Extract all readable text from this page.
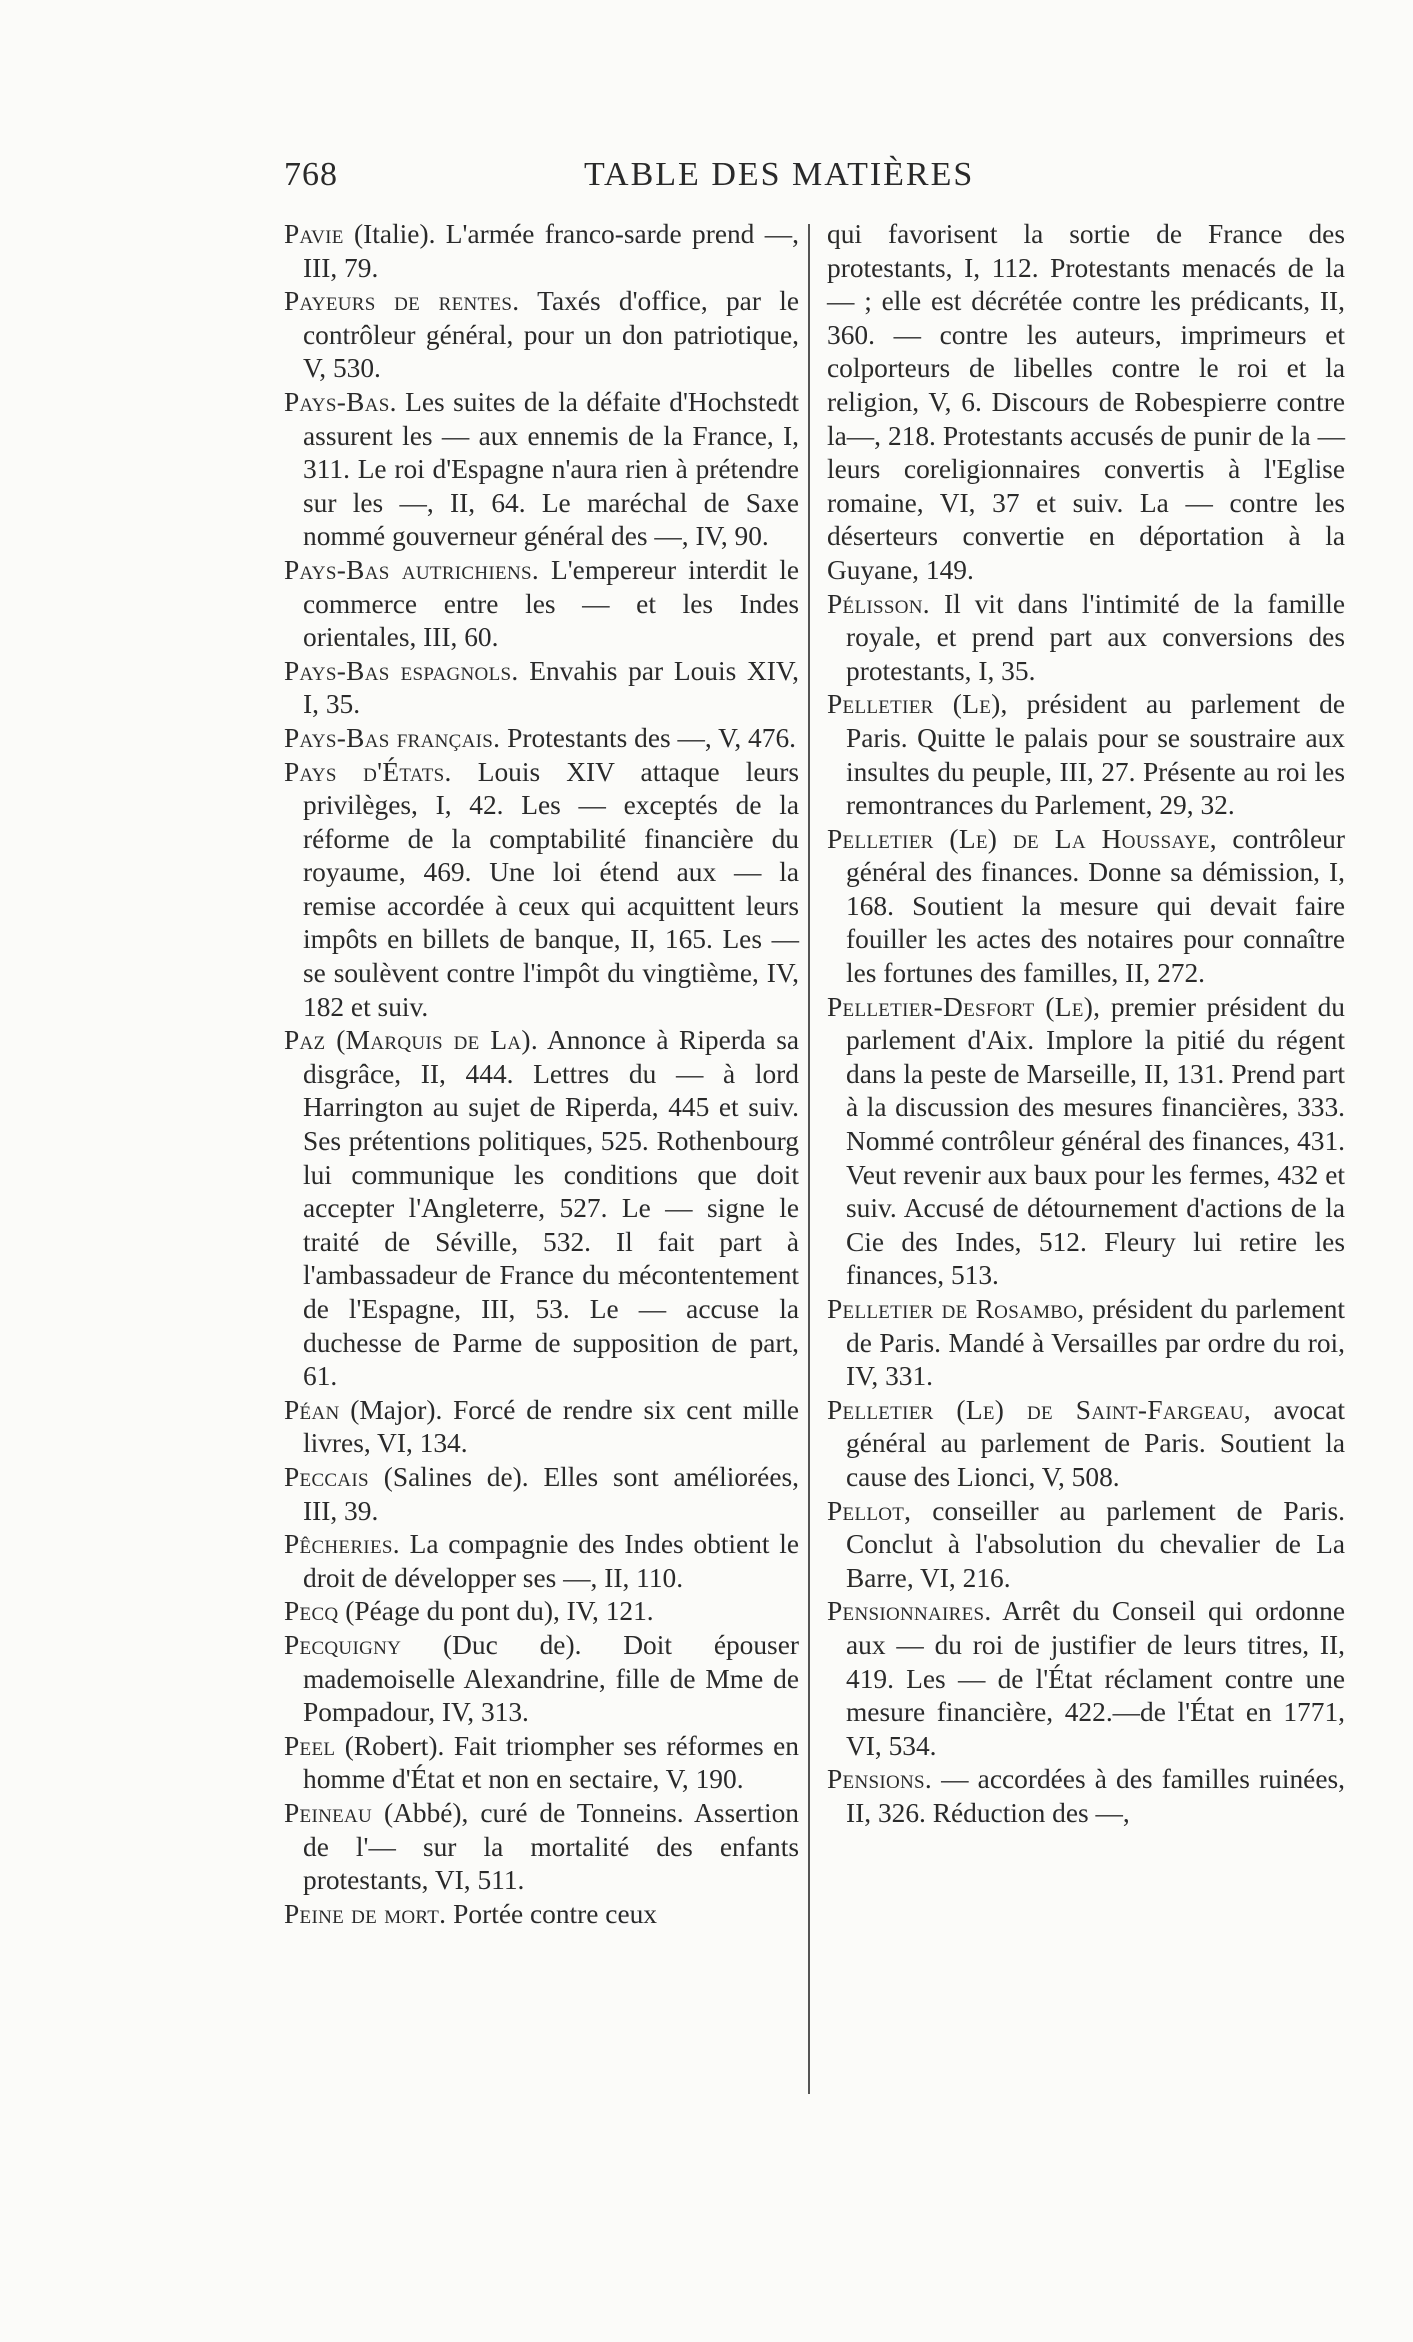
768	TABLE DES MATIÈRES

Pavie (Italie). L'armée franco-sarde prend —, III, 79.

Payeurs de rentes. Taxés d'office, par le contrôleur général, pour un don patriotique, V, 530.

Pays-Bas. Les suites de la défaite d'Hochstedt assurent les — aux ennemis de la France, I, 311. Le roi d'Espagne n'aura rien à prétendre sur les —, II, 64. Le maréchal de Saxe nommé gouverneur général des —, IV, 90.

Pays-Bas autrichiens. L'empereur interdit le commerce entre les — et les Indes orientales, III, 60.

Pays-Bas espagnols. Envahis par Louis XIV, I, 35.

Pays-Bas français. Protestants des —, V, 476.

Pays d'États. Louis XIV attaque leurs privilèges, I, 42. Les — exceptés de la réforme de la comptabilité financière du royaume, 469. Une loi étend aux — la remise accordée à ceux qui acquittent leurs impôts en billets de banque, II, 165. Les — se soulèvent contre l'impôt du vingtième, IV, 182 et suiv.

Paz (Marquis de La). Annonce à Riperda sa disgrâce, II, 444. Lettres du — à lord Harrington au sujet de Riperda, 445 et suiv. Ses prétentions politiques, 525. Rothenbourg lui communique les conditions que doit accepter l'Angleterre, 527. Le — signe le traité de Séville, 532. Il fait part à l'ambassadeur de France du mécontentement de l'Espagne, III, 53. Le — accuse la duchesse de Parme de supposition de part, 61.

Péan (Major). Forcé de rendre six cent mille livres, VI, 134.

Peccais (Salines de). Elles sont améliorées, III, 39.

Pêcheries. La compagnie des Indes obtient le droit de développer ses —, II, 110.

Pecq (Péage du pont du), IV, 121.

Pecquigny (Duc de). Doit épouser mademoiselle Alexandrine, fille de Mme de Pompadour, IV, 313.

Peel (Robert). Fait triompher ses réformes en homme d'État et non en sectaire, V, 190.

Peineau (Abbé), curé de Tonneins. Assertion de l'— sur la mortalité des enfants protestants, VI, 511.

Peine de mort. Portée contre ceux

qui favorisent la sortie de France des protestants, I, 112. Protestants menacés de la — ; elle est décrétée contre les prédicants, II, 360. — contre les auteurs, imprimeurs et colporteurs de libelles contre le roi et la religion, V, 6. Discours de Robespierre contre la—, 218. Protestants accusés de punir de la — leurs coreligionnaires convertis à l'Eglise romaine, VI, 37 et suiv. La — contre les déserteurs convertie en déportation à la Guyane, 149.

Pélisson. Il vit dans l'intimité de la famille royale, et prend part aux conversions des protestants, I, 35.

Pelletier (Le), président au parlement de Paris. Quitte le palais pour se soustraire aux insultes du peuple, III, 27. Présente au roi les remontrances du Parlement, 29, 32.

Pelletier (Le) de La Houssaye, contrôleur général des finances. Donne sa démission, I, 168. Soutient la mesure qui devait faire fouiller les actes des notaires pour connaître les fortunes des familles, II, 272.

Pelletier-Desfort (Le), premier président du parlement d'Aix. Implore la pitié du régent dans la peste de Marseille, II, 131. Prend part à la discussion des mesures financières, 333. Nommé contrôleur général des finances, 431. Veut revenir aux baux pour les fermes, 432 et suiv. Accusé de détournement d'actions de la Cie des Indes, 512. Fleury lui retire les finances, 513.

Pelletier de Rosambo, président du parlement de Paris. Mandé à Versailles par ordre du roi, IV, 331.

Pelletier (Le) de Saint-Fargeau, avocat général au parlement de Paris. Soutient la cause des Lionci, V, 508.

Pellot, conseiller au parlement de Paris. Conclut à l'absolution du chevalier de La Barre, VI, 216.

Pensionnaires. Arrêt du Conseil qui ordonne aux — du roi de justifier de leurs titres, II, 419. Les — de l'État réclament contre une mesure financière, 422.—de l'État en 1771, VI, 534.

Pensions. — accordées à des familles ruinées, II, 326. Réduction des —,
